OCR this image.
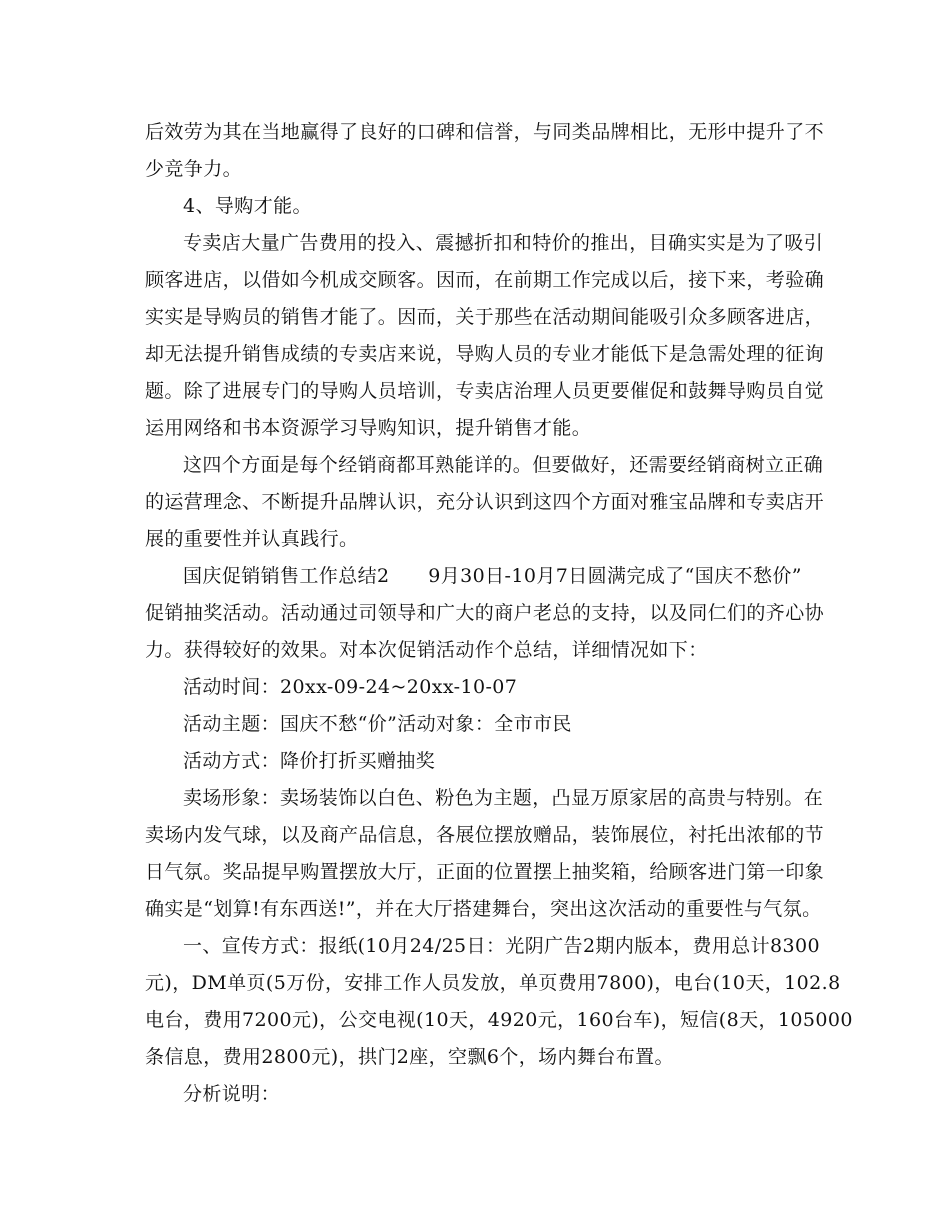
后效劳为其在当地赢得了良好的口碑和信誉，与同类品牌相比，无形中提升了不
少竞争力。
4、导购才能。
专卖店大量广告费用的投入、震撼折扣和特价的推出，目确实实是为了吸引
顾客进店，以借如今机成交顾客。因而，在前期工作完成以后，接下来，考验确
实实是导购员的销售才能了。因而，关于那些在活动期间能吸引众多顾客进店，
却无法提升销售成绩的专卖店来说，导购人员的专业才能低下是急需处理的征询
题。除了进展专门的导购人员培训，专卖店治理人员更要催促和鼓舞导购员自觉
运用网络和书本资源学习导购知识，提升销售才能。
这四个方面是每个经销商都耳熟能详的。但要做好，还需要经销商树立正确
的运营理念、不断提升品牌认识，充分认识到这四个方面对雅宝品牌和专卖店开
展的重要性并认真践行。
国庆促销销售工作总结2　　9月30日-10月7日圆满完成了“国庆不愁价”
促销抽奖活动。活动通过司领导和广大的商户老总的支持，以及同仁们的齐心协
力。获得较好的效果。对本次促销活动作个总结，详细情况如下：
活动时间：20xx-09-24~20xx-10-07
活动主题：国庆不愁“价”活动对象：全市市民
活动方式：降价打折买赠抽奖
卖场形象：卖场装饰以白色、粉色为主题，凸显万原家居的高贵与特别。在
卖场内发气球，以及商产品信息，各展位摆放赠品，装饰展位，衬托出浓郁的节
日气氛。奖品提早购置摆放大厅，正面的位置摆上抽奖箱，给顾客进门第一印象
确实是“划算!有东西送!”，并在大厅搭建舞台，突出这次活动的重要性与气氛。
一、宣传方式：报纸(10月24/25日：光阴广告2期内版本，费用总计8300
元)，DM单页(5万份，安排工作人员发放，单页费用7800)，电台(10天，102.8
电台，费用7200元)，公交电视(10天，4920元，160台车)，短信(8天，105000
条信息，费用2800元)，拱门2座，空飘6个，场内舞台布置。
分析说明：
